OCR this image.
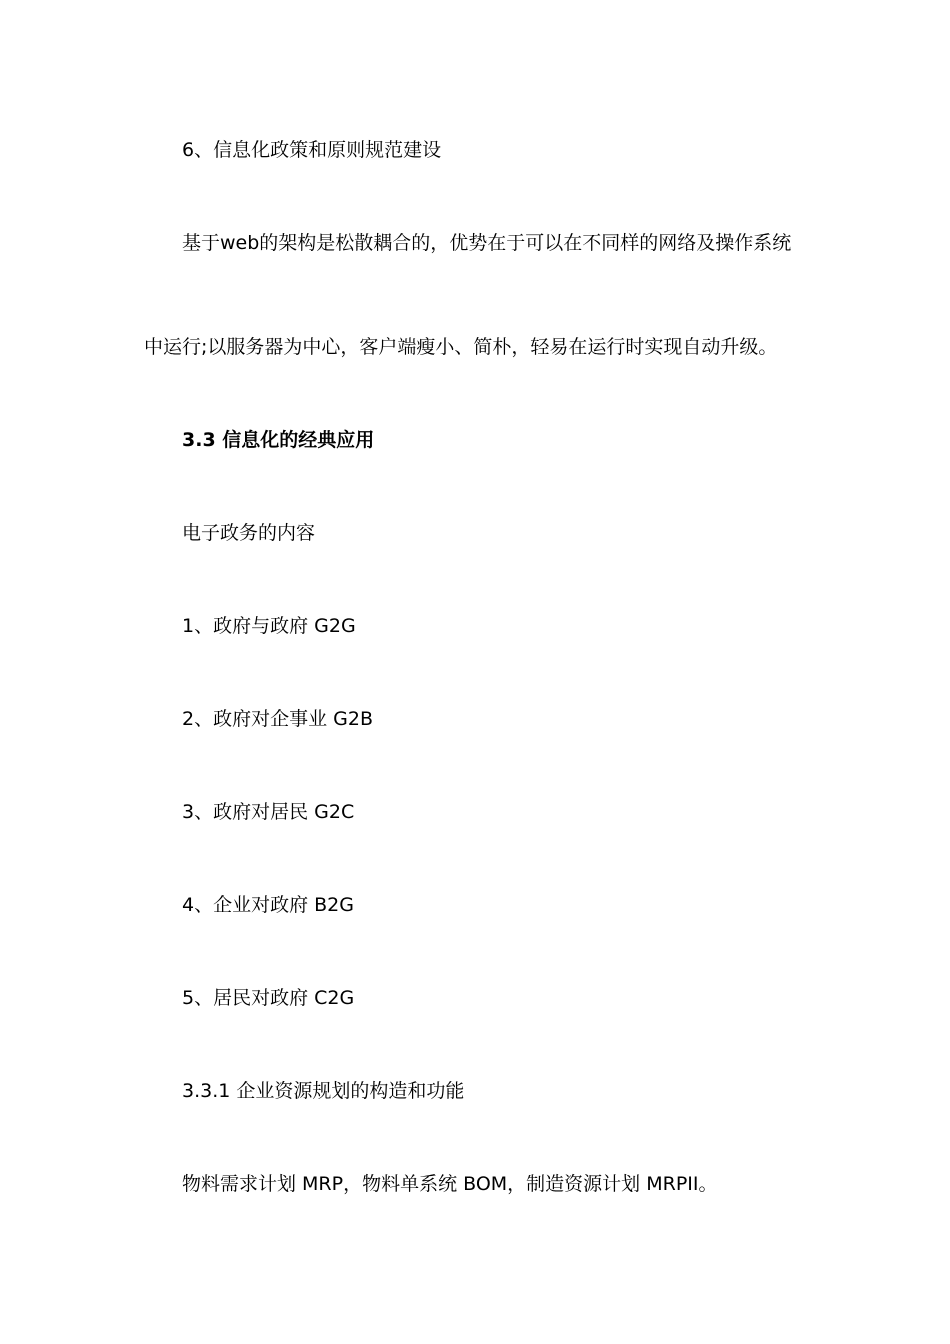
6、信息化政策和原则规范建设
基于web的架构是松散耦合的，优势在于可以在不同样的网络及操作系统
中运行;以服务器为中心，客户端瘦小、简朴，轻易在运行时实现自动升级。
3.3 信息化的经典应用
电子政务的内容
1、政府与政府 G2G
2、政府对企事业 G2B
3、政府对居民 G2C
4、企业对政府 B2G
5、居民对政府 C2G
3.3.1 企业资源规划的构造和功能
物料需求计划 MRP，物料单系统 BOM，制造资源计划 MRPII。
